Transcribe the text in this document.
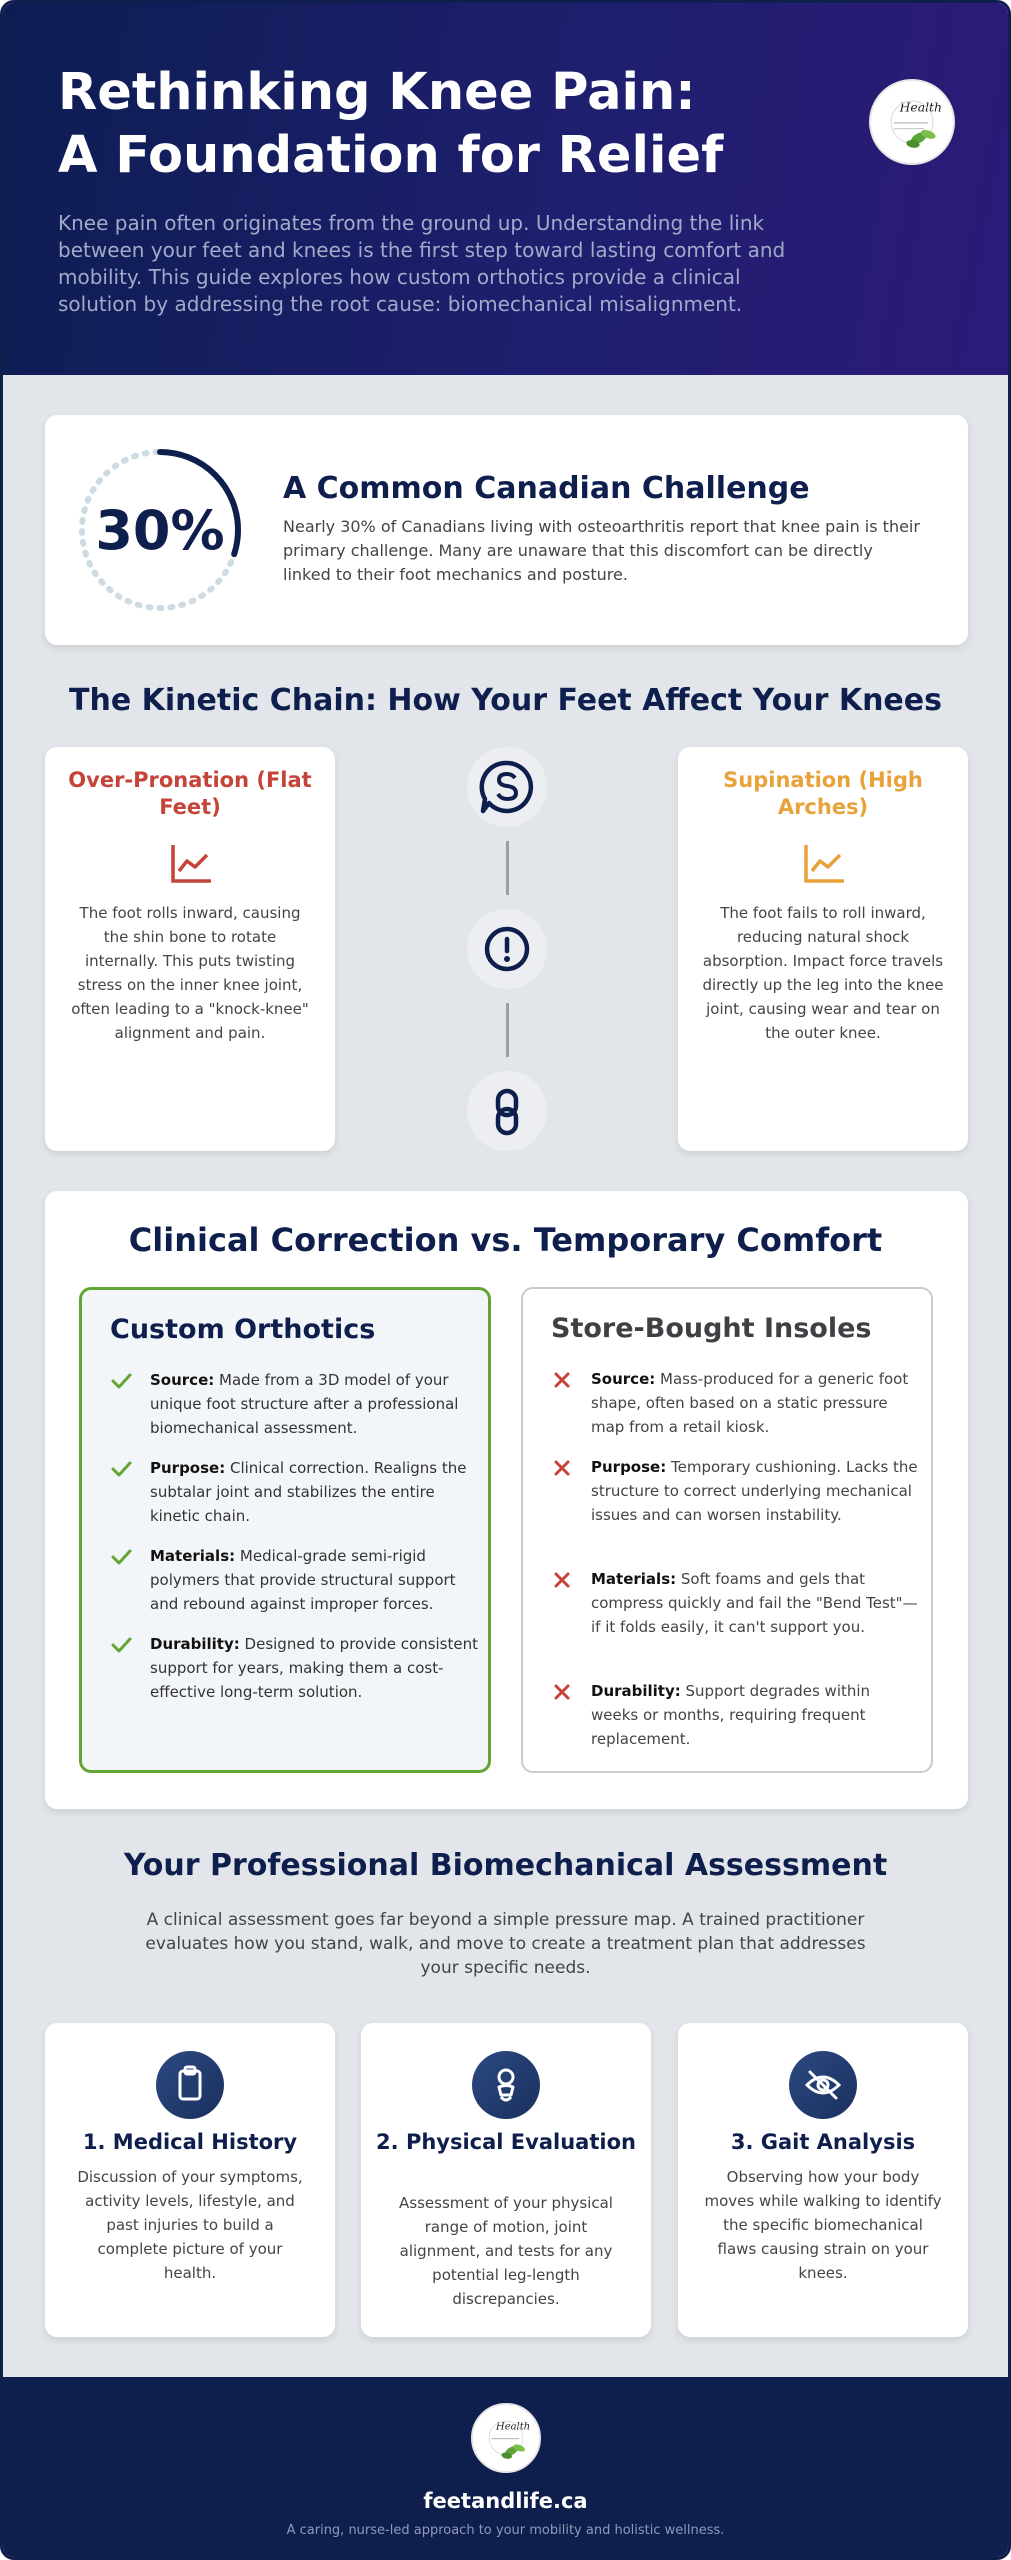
Rethinking Knee Pain:
A Foundation for Relief

Knee pain often originates from the ground up. Understanding the link between your feet and knees is the first step toward lasting comfort and mobility. This guide explores how custom orthotics provide a clinical solution by addressing the root cause: biomechanical misalignment.

Health
30%
A Common Canadian Challenge
Nearly 30% of Canadians living with osteoarthritis report that knee pain is their primary challenge. Many are unaware that this discomfort can be directly linked to their foot mechanics and posture.
The Kinetic Chain: How Your Feet Affect Your Knees
Over-Pronation (Flat Feet)

The foot rolls inward, causing the shin bone to rotate internally. This puts twisting stress on the inner knee joint, often leading to a "knock-knee" alignment and pain.

Supination (High Arches)

The foot fails to roll inward, reducing natural shock absorption. Impact force travels directly up the leg into the knee joint, causing wear and tear on the outer knee.

Custom Orthotics
Source: Made from a 3D model of your unique foot structure after a professional biomechanical assessment.
Purpose: Clinical correction. Realigns the subtalar joint and stabilizes the entire kinetic chain.
Materials: Medical-grade semi-rigid polymers that provide structural support and rebound against improper forces.
Durability: Designed to provide consistent support for years, making them a cost-effective long-term solution.
Store-Bought Insoles
Source: Mass-produced for a generic foot shape, often based on a static pressure map from a retail kiosk.
Purpose: Temporary cushioning. Lacks the structure to correct underlying mechanical issues and can worsen instability.
Materials: Soft foams and gels that compress quickly and fail the "Bend Test"—if it folds easily, it can't support you.
Durability: Support degrades within weeks or months, requiring frequent replacement.
Clinical Correction vs. Temporary Comfort
Your Professional Biomechanical Assessment
A clinical assessment goes far beyond a simple pressure map. A trained practitioner evaluates how you stand, walk, and move to create a treatment plan that addresses your specific needs.
1. Medical History

Discussion of your symptoms, activity levels, lifestyle, and past injuries to build a complete picture of your health.

2. Physical Evaluation

Assessment of your physical range of motion, joint alignment, and tests for any potential leg-length discrepancies.

3. Gait Analysis

Observing how your body moves while walking to identify the specific biomechanical flaws causing strain on your knees.

Health
feetandlife.ca
A caring, nurse-led approach to your mobility and holistic wellness.
